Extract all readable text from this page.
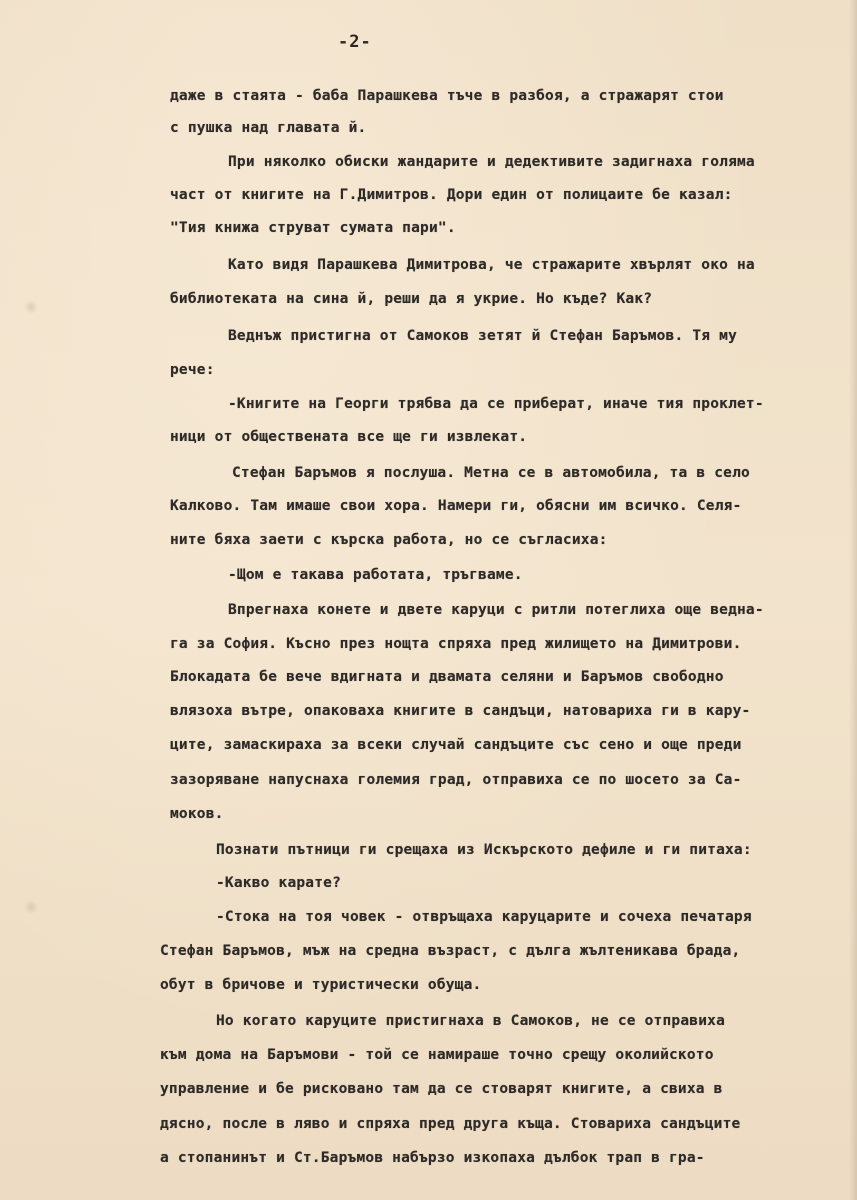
-2-
даже в стаята - баба Парашкева тъче в разбоя, а стражарят стои
с пушка над главата й.
При няколко обиски жандарите и дедективите задигнаха голяма
част от книгите на Г.Димитров. Дори един от полицаите бе казал:
"Тия книжа струват сумата пари".
Като видя Парашкева Димитрова, че стражарите хвърлят око на
библиотеката на сина й, реши да я укрие. Но къде? Как?
Веднъж пристигна от Самоков зетят й Стефан Баръмов. Тя му
рече:
-Книгите на Георги трябва да се приберат, иначе тия проклет-
ници от обществената все ще ги извлекат.
Стефан Баръмов я послуша. Метна се в автомобила, та в село
Калково. Там имаше свои хора. Намери ги, обясни им всичко. Селя-
ните бяха заети с кърска работа, но се съгласиха:
-Щом е такава работата, тръгваме.
Впрегнаха конете и двете каруци с ритли потеглиха още ведна-
га за София. Късно през нощта спряха пред жилището на Димитрови.
Блокадата бе вече вдигната и двамата селяни и Баръмов свободно
влязоха вътре, опаковаха книгите в сандъци, натовариха ги в кару-
ците, замаскираха за всеки случай сандъците със сено и още преди
зазоряване напуснаха големия град, отправиха се по шосето за Са-
моков.
Познати пътници ги срещаха из Искърското дефиле и ги питаха:
-Какво карате?
-Стока на тоя човек - отвръщаха каруцарите и сочеха печатаря
Стефан Баръмов, мъж на средна възраст, с дълга жълтеникава брада,
обут в бричове и туристически обуща.
Но когато каруците пристигнаха в Самоков, не се отправиха
към дома на Баръмови - той се намираше точно срещу околийското
управление и бе рисковано там да се стоварят книгите, а свиха в
дясно, после в ляво и спряха пред друга къща. Стовариха сандъците
а стопанинът и Ст.Баръмов набързо изкопаха дълбок трап в гра-
